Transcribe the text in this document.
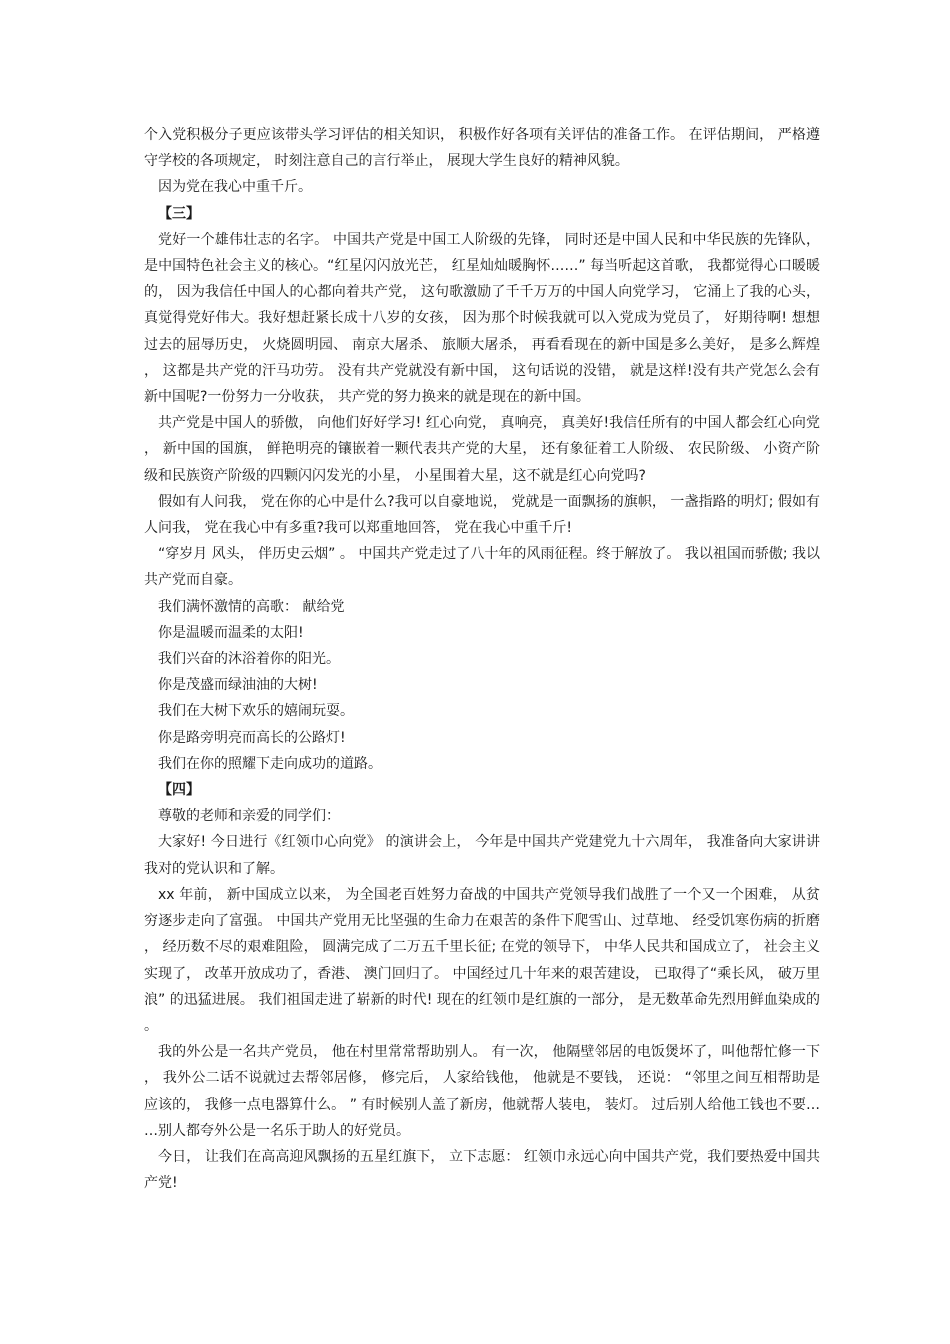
个入党积极分子更应该带头学习评估的相关知识， 积极作好各项有关评估的准备工作。 在评估期间， 严格遵守学校的各项规定， 时刻注意自己的言行举止， 展现大学生良好的精神风貌。

因为党在我心中重千斤。

【三】

党好一个雄伟壮志的名字。 中国共产党是中国工人阶级的先锋， 同时还是中国人民和中华民族的先锋队， 是中国特色社会主义的核心。“红星闪闪放光芒， 红星灿灿暖胸怀……” 每当听起这首歌， 我都觉得心口暖暖的， 因为我信任中国人的心都向着共产党， 这句歌激励了千千万万的中国人向党学习， 它涌上了我的心头， 真觉得党好伟大。我好想赶紧长成十八岁的女孩， 因为那个时候我就可以入党成为党员了， 好期待啊! 想想过去的屈辱历史， 火烧圆明园、 南京大屠杀、 旅顺大屠杀， 再看看现在的新中国是多么美好， 是多么辉煌， 这都是共产党的汗马功劳。 没有共产党就没有新中国， 这句话说的没错， 就是这样!没有共产党怎么会有新中国呢?一份努力一分收获， 共产党的努力换来的就是现在的新中国。

共产党是中国人的骄傲， 向他们好好学习! 红心向党， 真响亮， 真美好!我信任所有的中国人都会红心向党， 新中国的国旗， 鲜艳明亮的镶嵌着一颗代表共产党的大星， 还有象征着工人阶级、 农民阶级、 小资产阶级和民族资产阶级的四颗闪闪发光的小星， 小星围着大星，这不就是红心向党吗?

假如有人问我， 党在你的心中是什么?我可以自豪地说， 党就是一面飘扬的旗帜， 一盏指路的明灯; 假如有人问我， 党在我心中有多重?我可以郑重地回答， 党在我心中重千斤!

“穿岁月 风头， 伴历史云烟” 。 中国共产党走过了八十年的风雨征程。终于解放了。 我以祖国而骄傲; 我以共产党而自豪。

我们满怀激情的高歌： 献给党

你是温暖而温柔的太阳!

我们兴奋的沐浴着你的阳光。

你是茂盛而绿油油的大树!

我们在大树下欢乐的嬉闹玩耍。

你是路旁明亮而高长的公路灯!

我们在你的照耀下走向成功的道路。

【四】

尊敬的老师和亲爱的同学们：

大家好! 今日进行《红领巾心向党》 的演讲会上， 今年是中国共产党建党九十六周年， 我准备向大家讲讲我对的党认识和了解。

xx 年前， 新中国成立以来， 为全国老百姓努力奋战的中国共产党领导我们战胜了一个又一个困难， 从贫穷逐步走向了富强。 中国共产党用无比坚强的生命力在艰苦的条件下爬雪山、过草地、 经受饥寒伤病的折磨， 经历数不尽的艰难阻险， 圆满完成了二万五千里长征; 在党的领导下， 中华人民共和国成立了， 社会主义实现了， 改革开放成功了，香港、 澳门回归了。 中国经过几十年来的艰苦建设， 已取得了“乘长风， 破万里浪” 的迅猛进展。 我们祖国走进了崭新的时代! 现在的红领巾是红旗的一部分， 是无数革命先烈用鲜血染成的。

我的外公是一名共产党员， 他在村里常常帮助别人。 有一次， 他隔壁邻居的电饭煲坏了，叫他帮忙修一下， 我外公二话不说就过去帮邻居修， 修完后， 人家给钱他， 他就是不要钱， 还说： “邻里之间互相帮助是应该的， 我修一点电器算什么。 ” 有时候别人盖了新房，他就帮人装电， 装灯。 过后别人给他工钱也不要……别人都夸外公是一名乐于助人的好党员。

今日， 让我们在高高迎风飘扬的五星红旗下， 立下志愿： 红领巾永远心向中国共产党，我们要热爱中国共产党!
